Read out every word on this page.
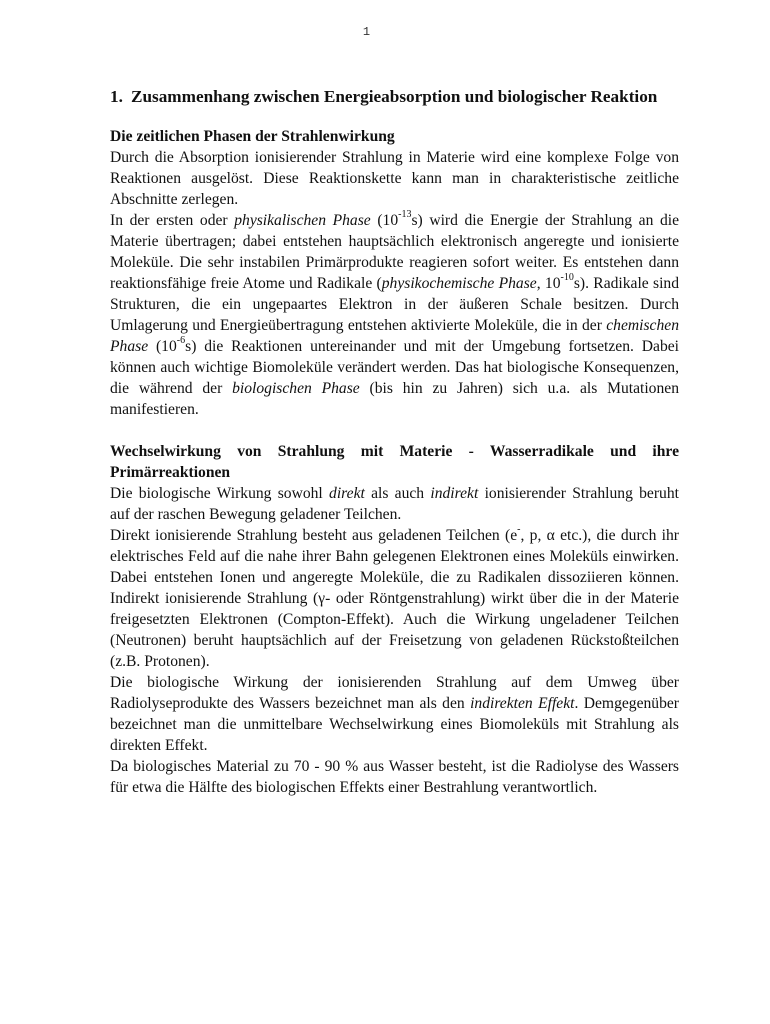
1
1. Zusammenhang zwischen Energieabsorption und biologischer Reaktion
Die zeitlichen Phasen der Strahlenwirkung

Durch die Absorption ionisierender Strahlung in Materie wird eine komplexe Folge von Reaktionen ausgelöst. Diese Reaktionskette kann man in charakteristische zeitliche Abschnitte zerlegen.

In der ersten oder physikalischen Phase $(10^{-13}s)$ wird die Energie der Strahlung an die Materie übertragen; dabei entstehen hauptsächlich elektronisch angeregte und ionisierte Moleküle. Die sehr instabilen Primärprodukte reagieren sofort weiter. Es entstehen dann reaktionsfähige freie Atome und Radikale (physikochemische Phase, $10^{-10}s$). Radikale sind Strukturen, die ein ungepaartes Elektron in der äußeren Schale besitzen. Durch Umlagerung und Energieübertragung entstehen aktivierte Moleküle, die in der chemischen Phase $(10^{-6}s)$ die Reaktionen untereinander und mit der Umgebung fortsetzen. Dabei können auch wichtige Biomoleküle verändert werden. Das hat biologische Konsequenzen, die während der biologischen Phase (bis hin zu Jahren) sich u.a. als Mutationen manifestieren.

Wechselwirkung von Strahlung mit Materie - Wasserradikale und ihre Primärreaktionen

Die biologische Wirkung sowohl direkt als auch indirekt ionisierender Strahlung beruht auf der raschen Bewegung geladener Teilchen.

Direkt ionisierende Strahlung besteht aus geladenen Teilchen (e-, p, α etc.), die durch ihr elektrisches Feld auf die nahe ihrer Bahn gelegenen Elektronen eines Moleküls einwirken. Dabei entstehen Ionen und angeregte Moleküle, die zu Radikalen dissoziieren können. Indirekt ionisierende Strahlung (γ- oder Röntgenstrahlung) wirkt über die in der Materie freigesetzten Elektronen (Compton-Effekt). Auch die Wirkung ungeladener Teilchen (Neutronen) beruht hauptsächlich auf der Freisetzung von geladenen Rückstoßteilchen (z.B. Protonen).

Die biologische Wirkung der ionisierenden Strahlung auf dem Umweg über Radiolyseprodukte des Wassers bezeichnet man als den indirekten Effekt. Demgegenüber bezeichnet man die unmittelbare Wechselwirkung eines Biomoleküls mit Strahlung als direkten Effekt.

Da biologisches Material zu 70 - 90 % aus Wasser besteht, ist die Radiolyse des Wassers für etwa die Hälfte des biologischen Effekts einer Bestrahlung verantwortlich.
